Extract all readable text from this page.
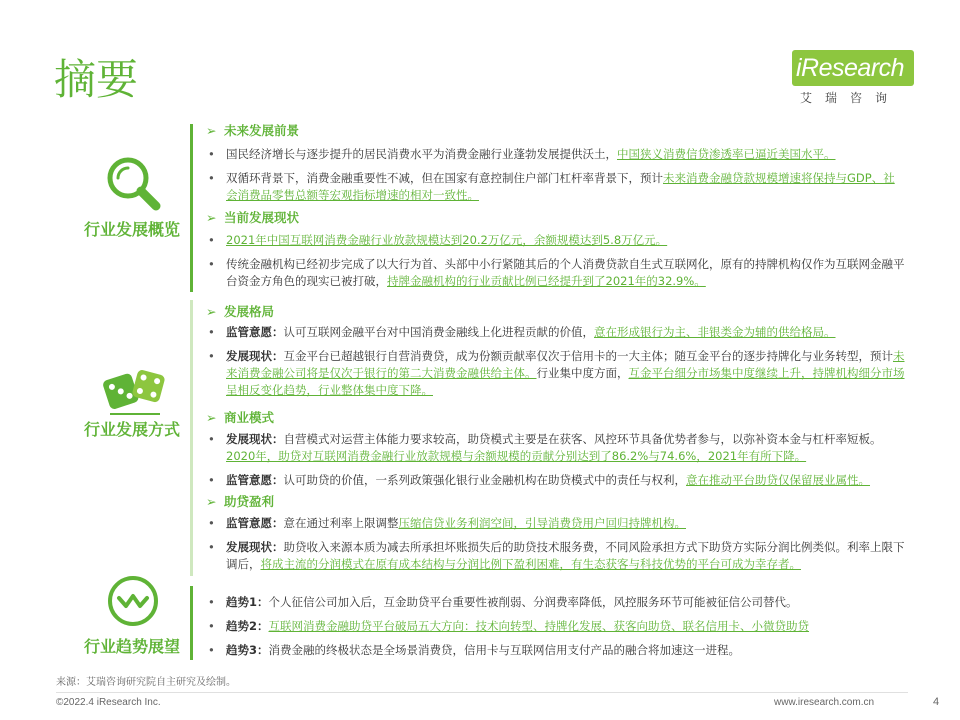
摘要	iResearch
艾瑞咨询
行业发展概览
➢ 未来发展前景
• 国民经济增长与逐步提升的居民消费水平为消费金融行业蓬勃发展提供沃土，中国狭义消费信贷渗透率已逼近美国水平。
• 双循环背景下，消费金融重要性不减，但在国家有意控制住户部门杠杆率背景下，预计未来消费金融贷款规模增速将保持与GDP、社会消费品零售总额等宏观指标增速的相对一致性。
➢ 当前发展现状
• 2021年中国互联网消费金融行业放款规模达到20.2万亿元，余额规模达到5.8万亿元。
• 传统金融机构已经初步完成了以大行为首、头部中小行紧随其后的个人消费贷款自生式互联网化，原有的持牌机构仅作为互联网金融平台资金方角色的现实已被打破，持牌金融机构的行业贡献比例已经提升到了2021年的32.9%。
行业发展方式
➢ 发展格局
• 监管意愿：认可互联网金融平台对中国消费金融线上化进程贡献的价值，意在形成银行为主、非银类金为辅的供给格局。
• 发展现状：互金平台已超越银行自营消费贷，成为份额贡献率仅次于信用卡的一大主体；随互金平台的逐步持牌化与业务转型，预计未来消费金融公司将是仅次于银行的第二大消费金融供给主体。行业集中度方面，互金平台细分市场集中度继续上升，持牌机构细分市场呈相反变化趋势，行业整体集中度下降。
➢ 商业模式
• 发展现状：自营模式对运营主体能力要求较高，助贷模式主要是在获客、风控环节具备优势者参与，以弥补资本金与杠杆率短板。2020年，助贷对互联网消费金融行业放款规模与余额规模的贡献分别达到了86.2%与74.6%，2021年有所下降。
• 监管意愿：认可助贷的价值，一系列政策强化银行业金融机构在助贷模式中的责任与权利，意在推动平台助贷仅保留展业属性。
➢ 助贷盈利
• 监管意愿：意在通过利率上限调整压缩信贷业务利润空间，引导消费贷用户回归持牌机构。
• 发展现状：助贷收入来源本质为减去所承担坏账损失后的助贷技术服务费，不同风险承担方式下助贷方实际分润比例类似。利率上限下调后，将成主流的分润模式在原有成本结构与分润比例下盈利困难，有生态获客与科技优势的平台可成为幸存者。
行业趋势展望
• 趋势1：个人征信公司加入后，互金助贷平台重要性被削弱、分润费率降低，风控服务环节可能被征信公司替代。
• 趋势2：互联网消费金融助贷平台破局五大方向：技术向转型、持牌化发展、获客向助贷、联名信用卡、小微贷助贷
• 趋势3：消费金融的终极状态是全场景消费贷，信用卡与互联网信用支付产品的融合将加速这一进程。
来源：艾瑞咨询研究院自主研究及绘制。
©2022.4 iResearch Inc.	www.iresearch.com.cn	4
